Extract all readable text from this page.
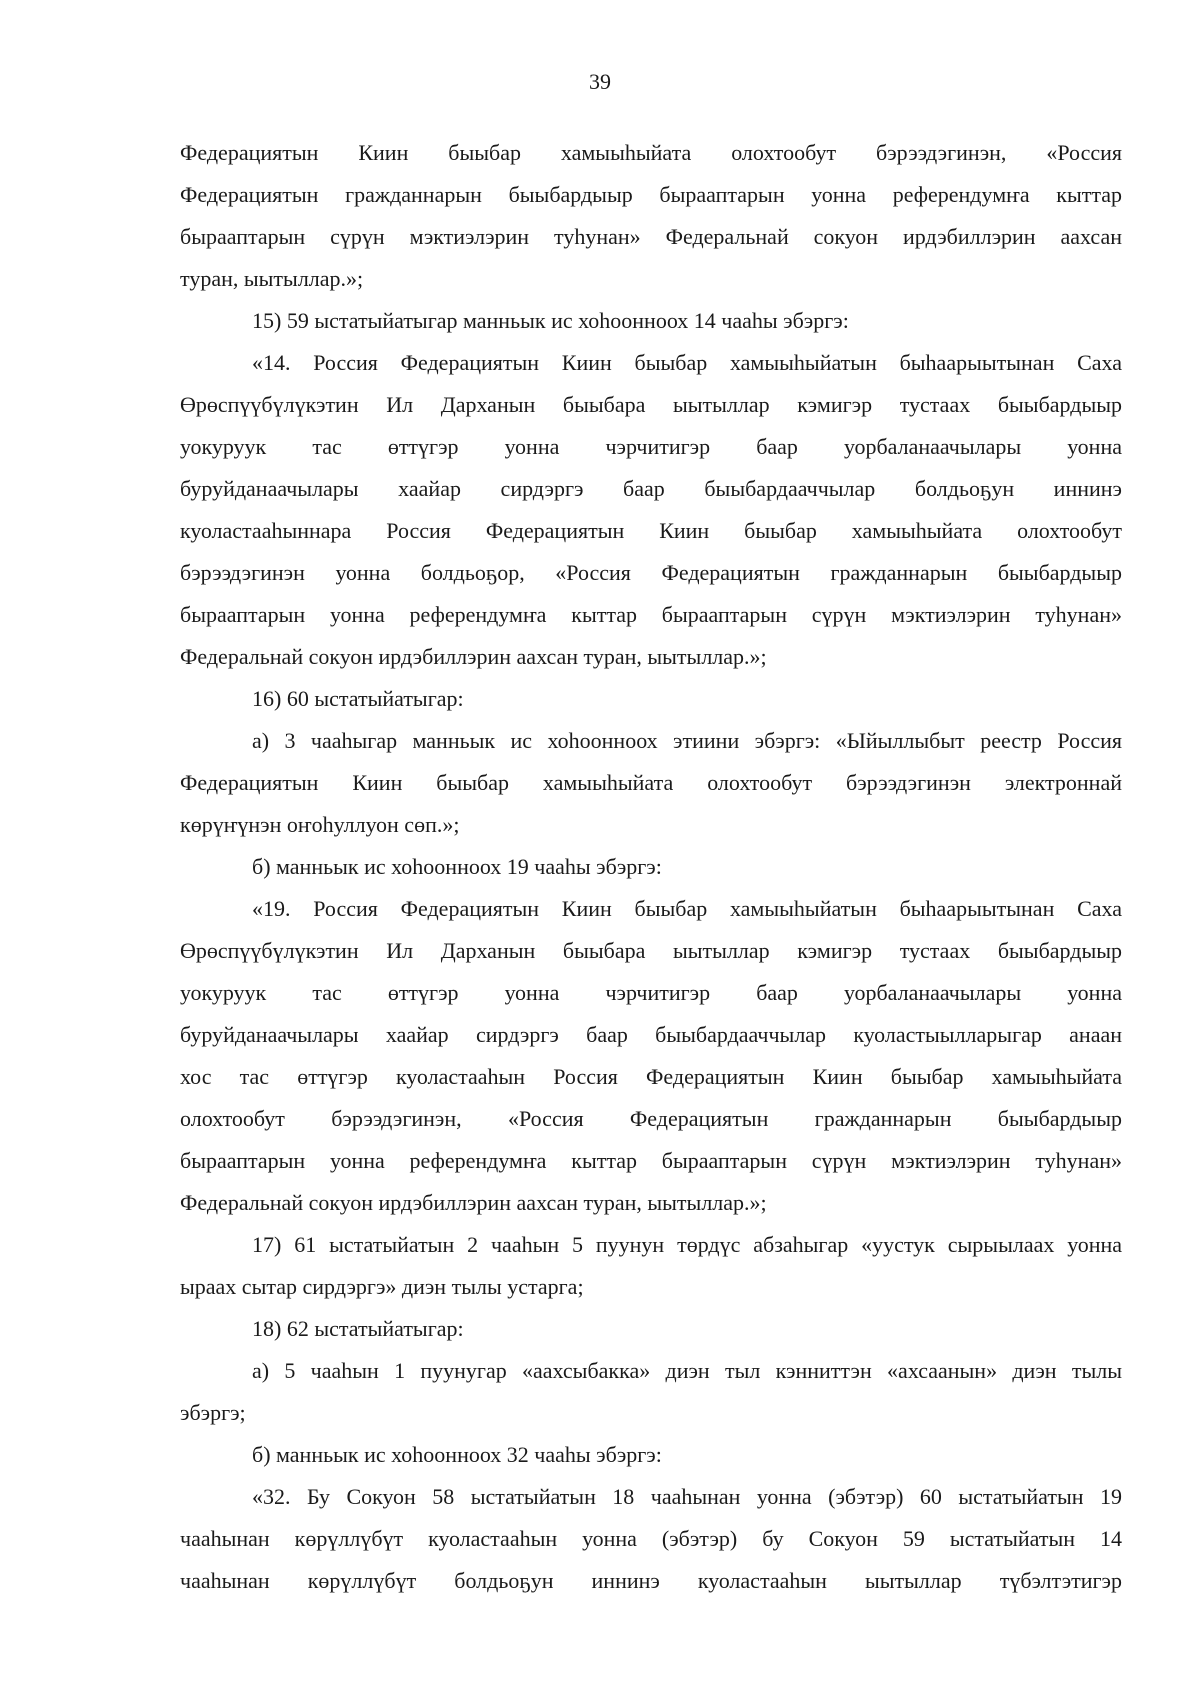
39
Федерациятын Киин быыбар хамыыһыйата олохтообут бэрээдэгинэн, «Россия
Федерациятын гражданнарын быыбардыыр бырааптарын уонна референдумҥа кыттар
бырааптарын сүрүн мэктиэлэрин туһунан» Федеральнай сокуон ирдэбиллэрин аахсан
туран, ыытыллар.»;
15) 59 ыстатыйатыгар манньык ис хоһоонноох 14 чааһы эбэргэ:
«14. Россия Федерациятын Киин быыбар хамыыһыйатын быһаарыытынан Саха
Өрөспүүбүлүкэтин Ил Дарханын быыбара ыытыллар кэмигэр тустаах быыбардыыр
уокуруук тас өттүгэр уонна чэрчитигэр баар уорбаланаачылары уонна
буруйданаачылары хаайар сирдэргэ баар быыбардааччылар болдьоҕун иннинэ
куоластааһыннара Россия Федерациятын Киин быыбар хамыыһыйата олохтообут
бэрээдэгинэн уонна болдьоҕор, «Россия Федерациятын гражданнарын быыбардыыр
бырааптарын уонна референдумҥа кыттар бырааптарын сүрүн мэктиэлэрин туһунан»
Федеральнай сокуон ирдэбиллэрин аахсан туран, ыытыллар.»;
16) 60 ыстатыйатыгар:
а) 3 чааһыгар манньык ис хоһоонноох этиини эбэргэ: «Ыйыллыбыт реестр Россия
Федерациятын Киин быыбар хамыыһыйата олохтообут бэрээдэгинэн электроннай
көрүҥүнэн оҥоһуллуон сөп.»;
б) манньык ис хоһоонноох 19 чааһы эбэргэ:
«19. Россия Федерациятын Киин быыбар хамыыһыйатын быһаарыытынан Саха
Өрөспүүбүлүкэтин Ил Дарханын быыбара ыытыллар кэмигэр тустаах быыбардыыр
уокуруук тас өттүгэр уонна чэрчитигэр баар уорбаланаачылары уонна
буруйданаачылары хаайар сирдэргэ баар быыбардааччылар куоластыылларыгар анаан
хос тас өттүгэр куоластааһын Россия Федерациятын Киин быыбар хамыыһыйата
олохтообут бэрээдэгинэн, «Россия Федерациятын гражданнарын быыбардыыр
бырааптарын уонна референдумҥа кыттар бырааптарын сүрүн мэктиэлэрин туһунан»
Федеральнай сокуон ирдэбиллэрин аахсан туран, ыытыллар.»;
17) 61 ыстатыйатын 2 чааһын 5 пуунун төрдүс абзаһыгар «уустук сырыылаах уонна
ыраах сытар сирдэргэ» диэн тылы устарга;
18) 62 ыстатыйатыгар:
а) 5 чааһын 1 пуунугар «аахсыбакка» диэн тыл кэнниттэн «ахсаанын» диэн тылы
эбэргэ;
б) манньык ис хоһоонноох 32 чааһы эбэргэ:
«32. Бу Сокуон 58 ыстатыйатын 18 чааһынан уонна (эбэтэр) 60 ыстатыйатын 19
чааһынан көрүллүбүт куоластааһын уонна (эбэтэр) бу Сокуон 59 ыстатыйатын 14
чааһынан көрүллүбүт болдьоҕун иннинэ куоластааһын ыытыллар түбэлтэтигэр
